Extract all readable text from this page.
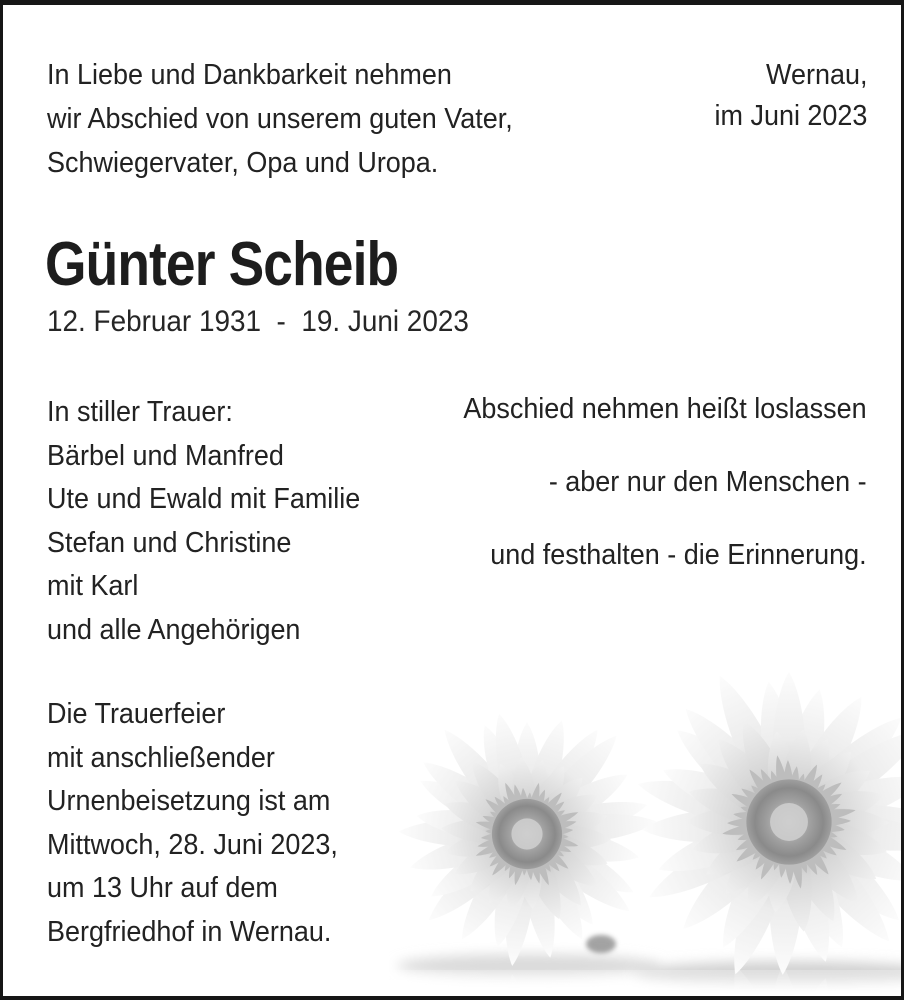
In Liebe und Dankbarkeit nehmen
wir Abschied von unserem guten Vater,
Schwiegervater, Opa und Uropa.
Wernau,
im Juni 2023
Günter Scheib
12. Februar 1931  -  19. Juni 2023
In stiller Trauer:
Bärbel und Manfred
Ute und Ewald mit Familie
Stefan und Christine
mit Karl
und alle Angehörigen
Abschied nehmen heißt loslassen
- aber nur den Menschen -
und festhalten - die Erinnerung.
Die Trauerfeier
mit anschließender
Urnenbeisetzung ist am
Mittwoch, 28. Juni 2023,
um 13 Uhr auf dem
Bergfriedhof in Wernau.
